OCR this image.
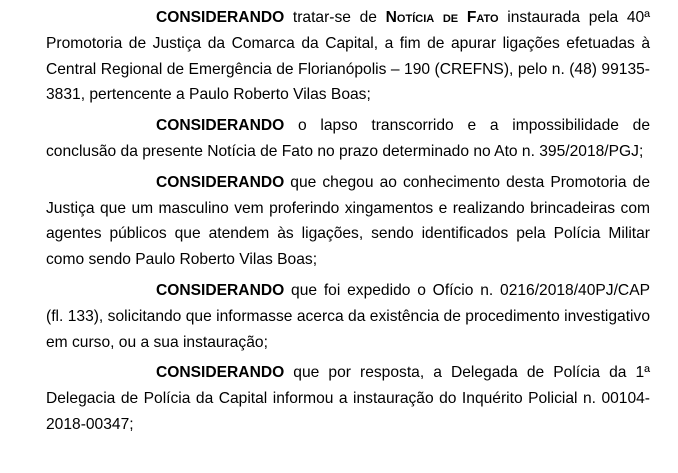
CONSIDERANDO tratar-se de Notícia de Fato instaurada pela 40ª Promotoria de Justiça da Comarca da Capital, a fim de apurar ligações efetuadas à Central Regional de Emergência de Florianópolis – 190 (CREFNS), pelo n. (48) 99135-3831, pertencente a Paulo Roberto Vilas Boas;

CONSIDERANDO o lapso transcorrido e a impossibilidade de conclusão da presente Notícia de Fato no prazo determinado no Ato n. 395/2018/PGJ;

CONSIDERANDO que chegou ao conhecimento desta Promotoria de Justiça que um masculino vem proferindo xingamentos e realizando brincadeiras com agentes públicos que atendem às ligações, sendo identificados pela Polícia Militar como sendo Paulo Roberto Vilas Boas;

CONSIDERANDO que foi expedido o Ofício n. 0216/2018/40PJ/CAP (fl. 133), solicitando que informasse acerca da existência de procedimento investigativo em curso, ou a sua instauração;

CONSIDERANDO que por resposta, a Delegada de Polícia da 1ª Delegacia de Polícia da Capital informou a instauração do Inquérito Policial n. 00104-2018-00347;
